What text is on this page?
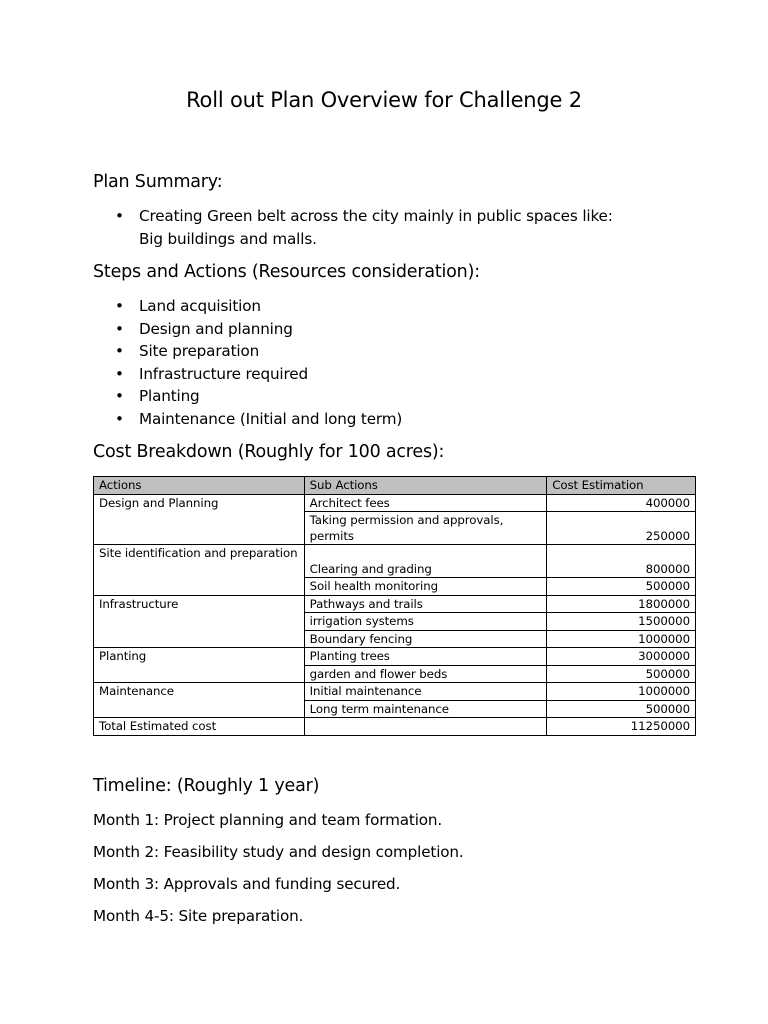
Roll out Plan Overview for Challenge 2
Plan Summary:
• Creating Green belt across the city mainly in public spaces like: Big buildings and malls.
Steps and Actions (Resources consideration):
• Land acquisition
• Design and planning
• Site preparation
• Infrastructure required
• Planting
• Maintenance (Initial and long term)
Cost Breakdown (Roughly for 100 acres):
Actions	Sub Actions	Cost Estimation
Design and Planning	Architect fees	400000
	Taking permission and approvals, permits	250000
Site identification and preparation	Clearing and grading	800000
	Soil health monitoring	500000
Infrastructure	Pathways and trails	1800000
	irrigation systems	1500000
	Boundary fencing	1000000
Planting	Planting trees	3000000
	garden and flower beds	500000
Maintenance	Initial maintenance	1000000
	Long term maintenance	500000
Total Estimated cost		11250000
Timeline: (Roughly 1 year)
Month 1: Project planning and team formation.
Month 2: Feasibility study and design completion.
Month 3: Approvals and funding secured.
Month 4-5: Site preparation.
